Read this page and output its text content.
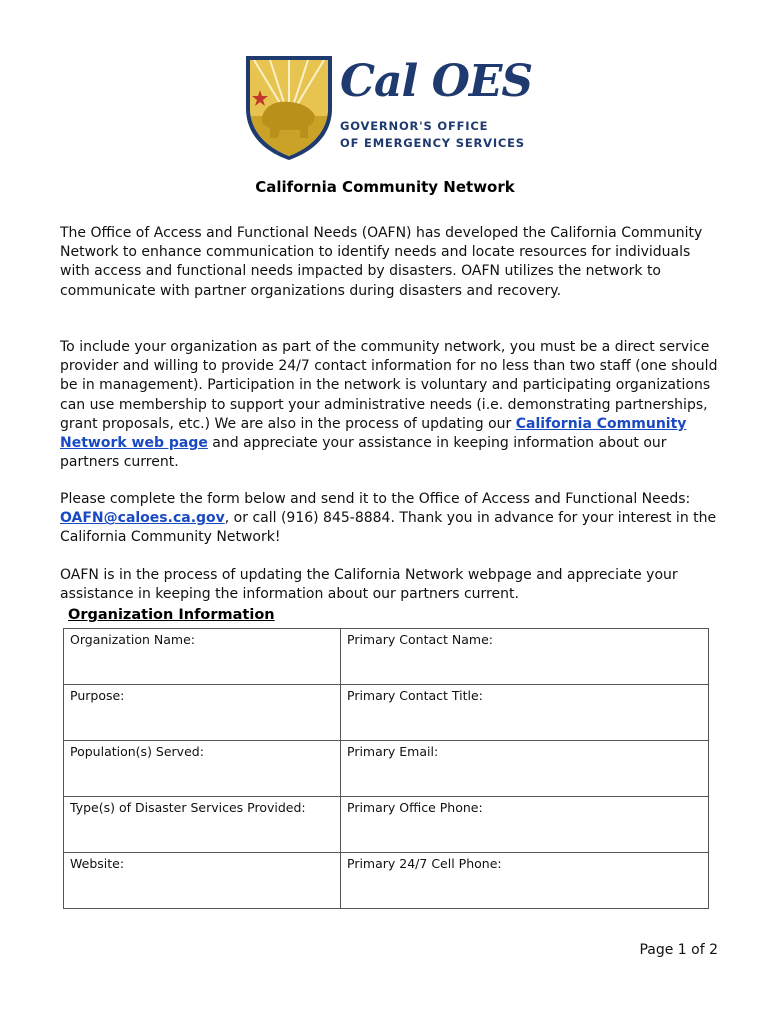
Cal OES
GOVERNOR'S OFFICE
OF EMERGENCY SERVICES
California Community Network
The Office of Access and Functional Needs (OAFN) has developed the California Community Network to enhance communication to identify needs and locate resources for individuals with access and functional needs impacted by disasters. OAFN utilizes the network to communicate with partner organizations during disasters and recovery.
To include your organization as part of the community network, you must be a direct service provider and willing to provide 24/7 contact information for no less than two staff (one should be in management). Participation in the network is voluntary and participating organizations can use membership to support your administrative needs (i.e. demonstrating partnerships, grant proposals, etc.) We are also in the process of updating our California Community Network web page and appreciate your assistance in keeping information about our partners current.
Please complete the form below and send it to the Office of Access and Functional Needs: OAFN@caloes.ca.gov, or call (916) 845-8884. Thank you in advance for your interest in the California Community Network!
OAFN is in the process of updating the California Network webpage and appreciate your assistance in keeping the information about our partners current.
Organization Information
Organization Name:	Primary Contact Name:
Purpose:	Primary Contact Title:
Population(s) Served:	Primary Email:
Type(s) of Disaster Services Provided:	Primary Office Phone:
Website:	Primary 24/7 Cell Phone:
Page 1 of 2
